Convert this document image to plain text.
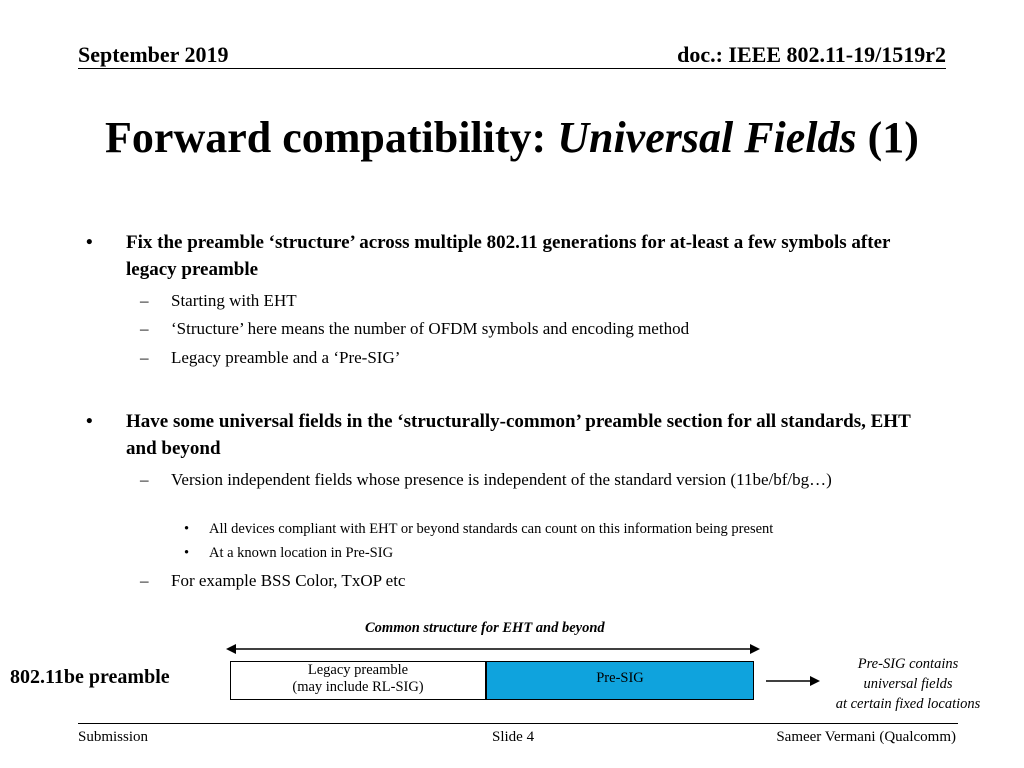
September 2019	doc.: IEEE 802.11-19/1519r2
Forward compatibility: Universal Fields (1)
• Fix the preamble ‘structure’ across multiple 802.11 generations for at-least a few symbols after legacy preamble
– Starting with EHT
– ‘Structure’ here means the number of OFDM symbols and encoding method
– Legacy preamble and a ‘Pre-SIG’
• Have some universal fields in the ‘structurally-common’ preamble section for all standards, EHT and beyond
– Version independent fields whose presence is independent of the standard version (11be/bf/bg…)
• All devices compliant with EHT or beyond standards can count on this information being present
• At a known location in Pre-SIG
– For example BSS Color, TxOP etc
Common structure for EHT and beyond
802.11be preamble	Legacy preamble
(may include RL-SIG)
Pre-SIG
Pre-SIG contains
universal fields
at certain fixed locations
Submission	Slide 4	Sameer Vermani (Qualcomm)
